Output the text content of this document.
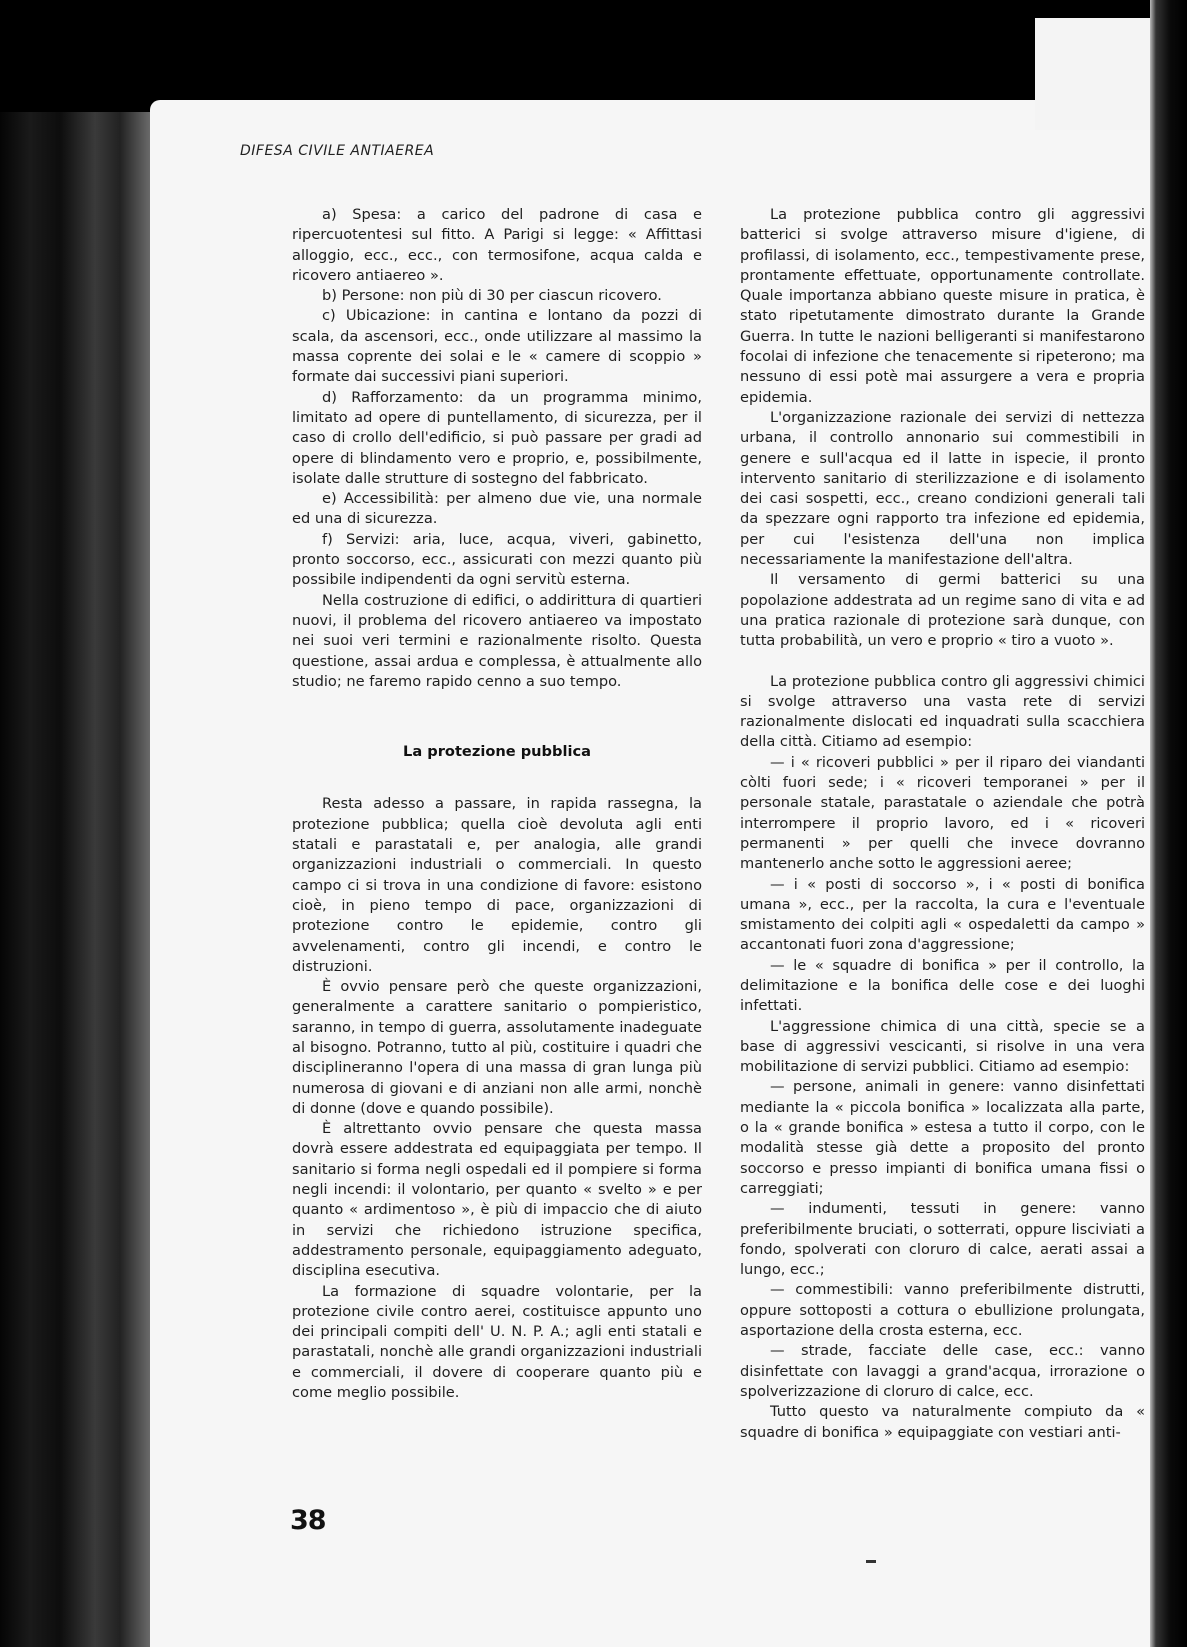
DIFESA CIVILE ANTIAEREA

a) Spesa: a carico del padrone di casa e ripercuotentesi sul fitto. A Parigi si legge: « Affittasi alloggio, ecc., ecc., con termosifone, acqua calda e ricovero antiaereo ».

b) Persone: non più di 30 per ciascun ricovero.

c) Ubicazione: in cantina e lontano da pozzi di scala, da ascensori, ecc., onde utilizzare al massimo la massa coprente dei solai e le « camere di scoppio » formate dai successivi piani superiori.

d) Rafforzamento: da un programma minimo, limitato ad opere di puntellamento, di sicurezza, per il caso di crollo dell'edificio, si può passare per gradi ad opere di blindamento vero e proprio, e, possibilmente, isolate dalle strutture di sostegno del fabbricato.

e) Accessibilità: per almeno due vie, una normale ed una di sicurezza.

f) Servizi: aria, luce, acqua, viveri, gabinetto, pronto soccorso, ecc., assicurati con mezzi quanto più possibile indipendenti da ogni servitù esterna.

Nella costruzione di edifici, o addirittura di quartieri nuovi, il problema del ricovero antiaereo va impostato nei suoi veri termini e razionalmente risolto. Questa questione, assai ardua e complessa, è attualmente allo studio; ne faremo rapido cenno a suo tempo.

La protezione pubblica

Resta adesso a passare, in rapida rassegna, la protezione pubblica; quella cioè devoluta agli enti statali e parastatali e, per analogia, alle grandi organizzazioni industriali o commerciali. In questo campo ci si trova in una condizione di favore: esistono cioè, in pieno tempo di pace, organizzazioni di protezione contro le epidemie, contro gli avvelenamenti, contro gli incendi, e contro le distruzioni.

È ovvio pensare però che queste organizzazioni, generalmente a carattere sanitario o pompieristico, saranno, in tempo di guerra, assolutamente inadeguate al bisogno. Potranno, tutto al più, costituire i quadri che disciplineranno l'opera di una massa di gran lunga più numerosa di giovani e di anziani non alle armi, nonchè di donne (dove e quando possibile).

È altrettanto ovvio pensare che questa massa dovrà essere addestrata ed equipaggiata per tempo. Il sanitario si forma negli ospedali ed il pompiere si forma negli incendi: il volontario, per quanto « svelto » e per quanto « ardimentoso », è più di impaccio che di aiuto in servizi che richiedono istruzione specifica, addestramento personale, equipaggiamento adeguato, disciplina esecutiva.

La formazione di squadre volontarie, per la protezione civile contro aerei, costituisce appunto uno dei principali compiti dell' U. N. P. A.; agli enti statali e parastatali, nonchè alle grandi organizzazioni industriali e commerciali, il dovere di cooperare quanto più e come meglio possibile.

La protezione pubblica contro gli aggressivi batterici si svolge attraverso misure d'igiene, di profilassi, di isolamento, ecc., tempestivamente prese, prontamente effettuate, opportunamente controllate. Quale importanza abbiano queste misure in pratica, è stato ripetutamente dimostrato durante la Grande Guerra. In tutte le nazioni belligeranti si manifestarono focolai di infezione che tenacemente si ripeterono; ma nessuno di essi potè mai assurgere a vera e propria epidemia.

L'organizzazione razionale dei servizi di nettezza urbana, il controllo annonario sui commestibili in genere e sull'acqua ed il latte in ispecie, il pronto intervento sanitario di sterilizzazione e di isolamento dei casi sospetti, ecc., creano condizioni generali tali da spezzare ogni rapporto tra infezione ed epidemia, per cui l'esistenza dell'una non implica necessariamente la manifestazione dell'altra.

Il versamento di germi batterici su una popolazione addestrata ad un regime sano di vita e ad una pratica razionale di protezione sarà dunque, con tutta probabilità, un vero e proprio « tiro a vuoto ».

La protezione pubblica contro gli aggressivi chimici si svolge attraverso una vasta rete di servizi razionalmente dislocati ed inquadrati sulla scacchiera della città. Citiamo ad esempio:

— i « ricoveri pubblici » per il riparo dei viandanti còlti fuori sede; i « ricoveri temporanei » per il personale statale, parastatale o aziendale che potrà interrompere il proprio lavoro, ed i « ricoveri permanenti » per quelli che invece dovranno mantenerlo anche sotto le aggressioni aeree;

— i « posti di soccorso », i « posti di bonifica umana », ecc., per la raccolta, la cura e l'eventuale smistamento dei colpiti agli « ospedaletti da campo » accantonati fuori zona d'aggressione;

— le « squadre di bonifica » per il controllo, la delimitazione e la bonifica delle cose e dei luoghi infettati.

L'aggressione chimica di una città, specie se a base di aggressivi vescicanti, si risolve in una vera mobilitazione di servizi pubblici. Citiamo ad esempio:

— persone, animali in genere: vanno disinfettati mediante la « piccola bonifica » localizzata alla parte, o la « grande bonifica » estesa a tutto il corpo, con le modalità stesse già dette a proposito del pronto soccorso e presso impianti di bonifica umana fissi o carreggiati;

— indumenti, tessuti in genere: vanno preferibilmente bruciati, o sotterrati, oppure lisciviati a fondo, spolverati con cloruro di calce, aerati assai a lungo, ecc.;

— commestibili: vanno preferibilmente distrutti, oppure sottoposti a cottura o ebullizione prolungata, asportazione della crosta esterna, ecc.

— strade, facciate delle case, ecc.: vanno disinfettate con lavaggi a grand'acqua, irrorazione o spolverizzazione di cloruro di calce, ecc.

Tutto questo va naturalmente compiuto da « squadre di bonifica » equipaggiate con vestiari anti-

38
